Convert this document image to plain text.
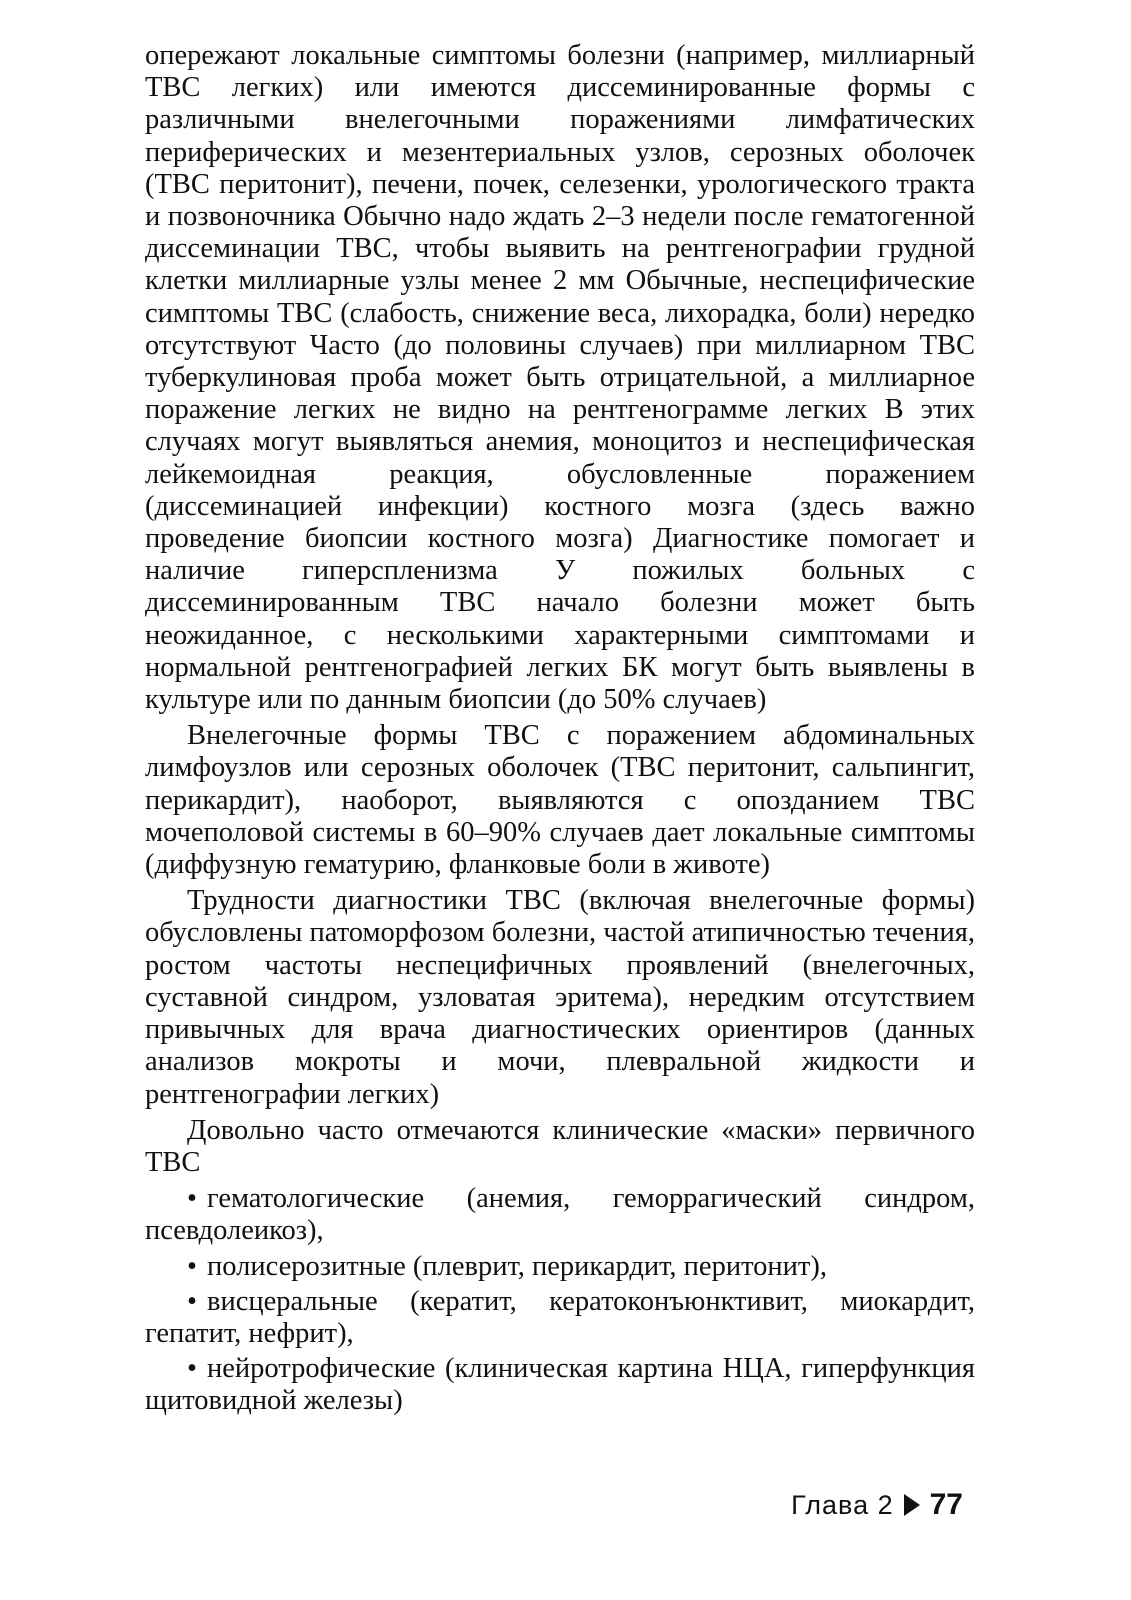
опережают локальные симптомы болезни (например, миллиарный ТВС легких) или имеются диссеминированные формы с различными внелегочными поражениями лимфатических периферических и мезентериальных узлов, серозных оболочек (ТВС перитонит), печени, почек, селезенки, урологического тракта и позвоночника Обычно надо ждать 2–3 недели после гематогенной диссеминации ТВС, чтобы выявить на рентгенографии грудной клетки миллиарные узлы менее 2 мм Обычные, неспецифические симптомы ТВС (слабость, снижение веса, лихорадка, боли) нередко отсутствуют Часто (до половины случаев) при миллиарном ТВС туберкулиновая проба может быть отрицательной, а миллиарное поражение легких не видно на рентгенограмме легких В этих случаях могут выявляться анемия, моноцитоз и неспецифическая лейкемоидная реакция, обусловленные поражением (диссеминацией инфекции) костного мозга (здесь важно проведение биопсии костного мозга) Диагностике помогает и наличие гиперспленизма У пожилых больных с диссеминированным ТВС начало болезни может быть неожиданное, с несколькими характерными симптомами и нормальной рентгенографией легких БК могут быть выявлены в культуре или по данным биопсии (до 50% случаев)

Внелегочные формы ТВС с поражением абдоминальных лимфоузлов или серозных оболочек (ТВС перитонит, сальпингит, перикардит), наоборот, выявляются с опозданием ТВС мочеполовой системы в 60–90% случаев дает локальные симптомы (диффузную гематурию, фланковые боли в животе)

Трудности диагностики ТВС (включая внелегочные формы) обусловлены патоморфозом болезни, частой атипичностью течения, ростом частоты неспецифичных проявлений (внелегочных, суставной синдром, узловатая эритема), нередким отсутствием привычных для врача диагностических ориентиров (данных анализов мокроты и мочи, плевральной жидкости и рентгенографии легких)

Довольно часто отмечаются клинические «маски» первичного ТВС

• гематологические (анемия, геморрагический синдром, псевдолеикоз),
• полисерозитные (плеврит, перикардит, перитонит),
• висцеральные (кератит, кератоконъюнктивит, миокардит, гепатит, нефрит),
• нейротрофические (клиническая картина НЦА, гиперфункция щитовидной железы)
Глава 2 77
